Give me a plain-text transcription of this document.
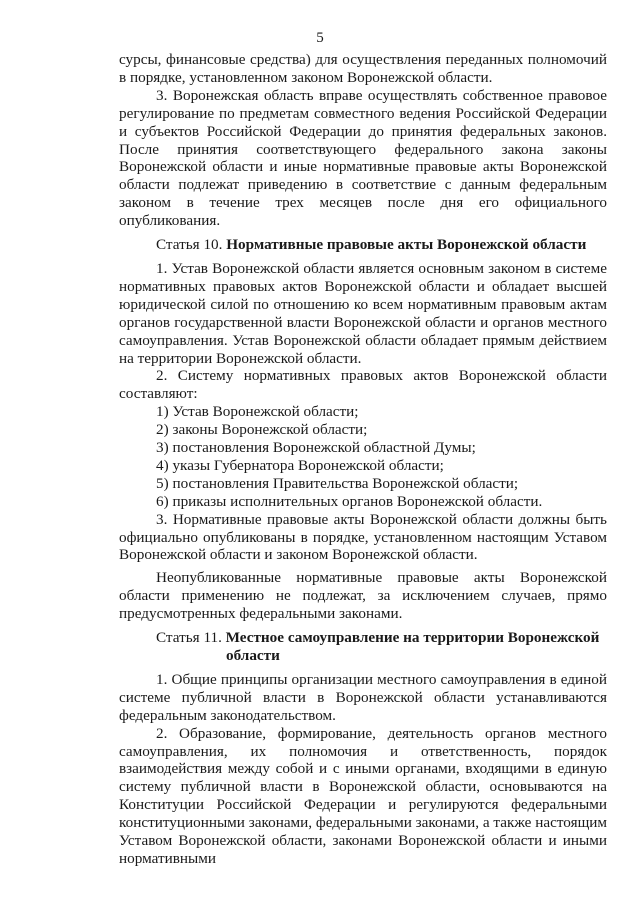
5

сурсы, финансовые средства) для осуществления переданных полномочий в порядке, установленном законом Воронежской области.

3. Воронежская область вправе осуществлять собственное правовое регулирование по предметам совместного ведения Российской Федерации и субъектов Российской Федерации до принятия федеральных законов. После принятия соответствующего федерального закона законы Воронежской области и иные нормативные правовые акты Воронежской области подлежат приведению в соответствие с данным федеральным законом в течение трех месяцев после дня его официального опубликования.

Статья 10. Нормативные правовые акты Воронежской области

1. Устав Воронежской области является основным законом в системе нормативных правовых актов Воронежской области и обладает высшей юридической силой по отношению ко всем нормативным правовым актам органов государственной власти Воронежской области и органов местного самоуправления. Устав Воронежской области обладает прямым действием на территории Воронежской области.

2. Систему нормативных правовых актов Воронежской области составляют:

1) Устав Воронежской области;

2) законы Воронежской области;

3) постановления Воронежской областной Думы;

4) указы Губернатора Воронежской области;

5) постановления Правительства Воронежской области;

6) приказы исполнительных органов Воронежской области.

3. Нормативные правовые акты Воронежской области должны быть официально опубликованы в порядке, установленном настоящим Уставом Воронежской области и законом Воронежской области.

Неопубликованные нормативные правовые акты Воронежской области применению не подлежат, за исключением случаев, прямо предусмотренных федеральными законами.

Статья 11. Местное самоуправление на территории Воронежской
области

1. Общие принципы организации местного самоуправления в единой системе публичной власти в Воронежской области устанавливаются федеральным законодательством.

2. Образование, формирование, деятельность органов местного самоуправления, их полномочия и ответственность, порядок взаимодействия между собой и с иными органами, входящими в единую систему публичной власти в Воронежской области, основываются на Конституции Российской Федерации и регулируются федеральными конституционными законами, федеральными законами, а также настоящим Уставом Воронежской области, законами Воронежской области и иными нормативными
